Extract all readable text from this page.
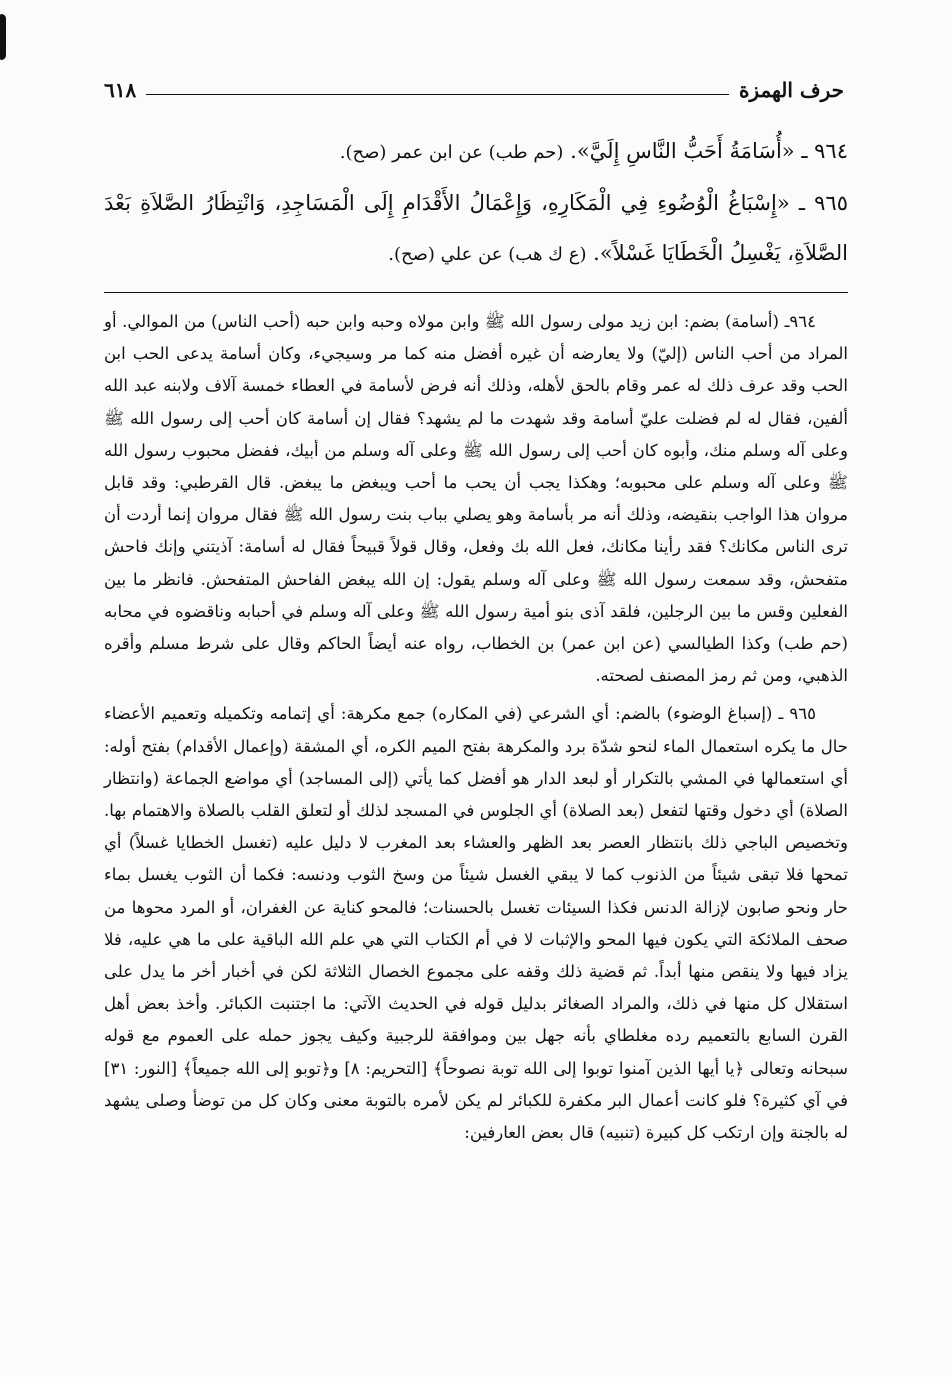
حرف الهمزة
٦١٨

٩٦٤ ـ «أُسَامَةُ أَحَبُّ النَّاسِ إِلَيَّ». (حم طب) عن ابن عمر (صح).

٩٦٥ ـ «إِسْبَاغُ الْوُضُوءِ فِي الْمَكَارِهِ، وَإِعْمَالُ الأَقْدَامِ إِلَى الْمَسَاجِدِ، وَانْتِظَارُ الصَّلاَةِ بَعْدَ الصَّلاَةِ، يَغْسِلُ الْخَطَايَا غَسْلاً». (ع ك هب) عن علي (صح).

٩٦٤ـ (أسامة) بضم: ابن زيد مولى رسول الله ﷺ وابن مولاه وحبه وابن حبه (أحب الناس) من الموالي. أو المراد من أحب الناس (إليّ) ولا يعارضه أن غيره أفضل منه كما مر وسيجيء، وكان أسامة يدعى الحب ابن الحب وقد عرف ذلك له عمر وقام بالحق لأهله، وذلك أنه فرض لأسامة في العطاء خمسة آلاف ولابنه عبد الله ألفين، فقال له لم فضلت عليّ أسامة وقد شهدت ما لم يشهد؟ فقال إن أسامة كان أحب إلى رسول الله ﷺ وعلى آله وسلم منك، وأبوه كان أحب إلى رسول الله ﷺ وعلى آله وسلم من أبيك، ففضل محبوب رسول الله ﷺ وعلى آله وسلم على محبوبه؛ وهكذا يجب أن يحب ما أحب ويبغض ما يبغض. قال القرطبي: وقد قابل مروان هذا الواجب بنقيضه، وذلك أنه مر بأسامة وهو يصلي بباب بنت رسول الله ﷺ فقال مروان إنما أردت أن ترى الناس مكانك؟ فقد رأينا مكانك، فعل الله بك وفعل، وقال قولاً قبيحاً فقال له أسامة: آذيتني وإنك فاحش متفحش، وقد سمعت رسول الله ﷺ وعلى آله وسلم يقول: إن الله يبغض الفاحش المتفحش. فانظر ما بين الفعلين وقس ما بين الرجلين، فلقد آذى بنو أمية رسول الله ﷺ وعلى آله وسلم في أحبابه وناقضوه في محابه (حم طب) وكذا الطيالسي (عن ابن عمر) بن الخطاب، رواه عنه أيضاً الحاكم وقال على شرط مسلم وأقره الذهبي، ومن ثم رمز المصنف لصحته.

٩٦٥ ـ (إسباغ الوضوء) بالضم: أي الشرعي (في المكاره) جمع مكرهة: أي إتمامه وتكميله وتعميم الأعضاء حال ما يكره استعمال الماء لنحو شدّة برد والمكرهة بفتح الميم الكره، أي المشقة (وإعمال الأقدام) بفتح أوله: أي استعمالها في المشي بالتكرار أو لبعد الدار هو أفضل كما يأتي (إلى المساجد) أي مواضع الجماعة (وانتظار الصلاة) أي دخول وقتها لتفعل (بعد الصلاة) أي الجلوس في المسجد لذلك أو لتعلق القلب بالصلاة والاهتمام بها. وتخصيص الباجي ذلك بانتظار العصر بعد الظهر والعشاء بعد المغرب لا دليل عليه (تغسل الخطايا غسلاً) أي تمحها فلا تبقى شيئاً من الذنوب كما لا يبقي الغسل شيئاً من وسخ الثوب ودنسه: فكما أن الثوب يغسل بماء حار ونحو صابون لإزالة الدنس فكذا السيئات تغسل بالحسنات؛ فالمحو كناية عن الغفران، أو المرد محوها من صحف الملائكة التي يكون فيها المحو والإثبات لا في أم الكتاب التي هي علم الله الباقية على ما هي عليه، فلا يزاد فيها ولا ينقص منها أبداً. ثم قضية ذلك وقفه على مجموع الخصال الثلاثة لكن في أخبار أخر ما يدل على استقلال كل منها في ذلك، والمراد الصغائر بدليل قوله في الحديث الآتي: ما اجتنبت الكبائر. وأخذ بعض أهل القرن السابع بالتعميم رده مغلطاي بأنه جهل بين وموافقة للرجبية وكيف يجوز حمله على العموم مع قوله سبحانه وتعالى ﴿يا أيها الذين آمنوا توبوا إلى الله توبة نصوحاً﴾ [التحريم: ٨] و﴿توبو إلى الله جميعاً﴾ [النور: ٣١] في آي كثيرة؟ فلو كانت أعمال البر مكفرة للكبائر لم يكن لأمره بالتوبة معنى وكان كل من توضأ وصلى يشهد له بالجنة وإن ارتكب كل كبيرة (تنبيه) قال بعض العارفين:
